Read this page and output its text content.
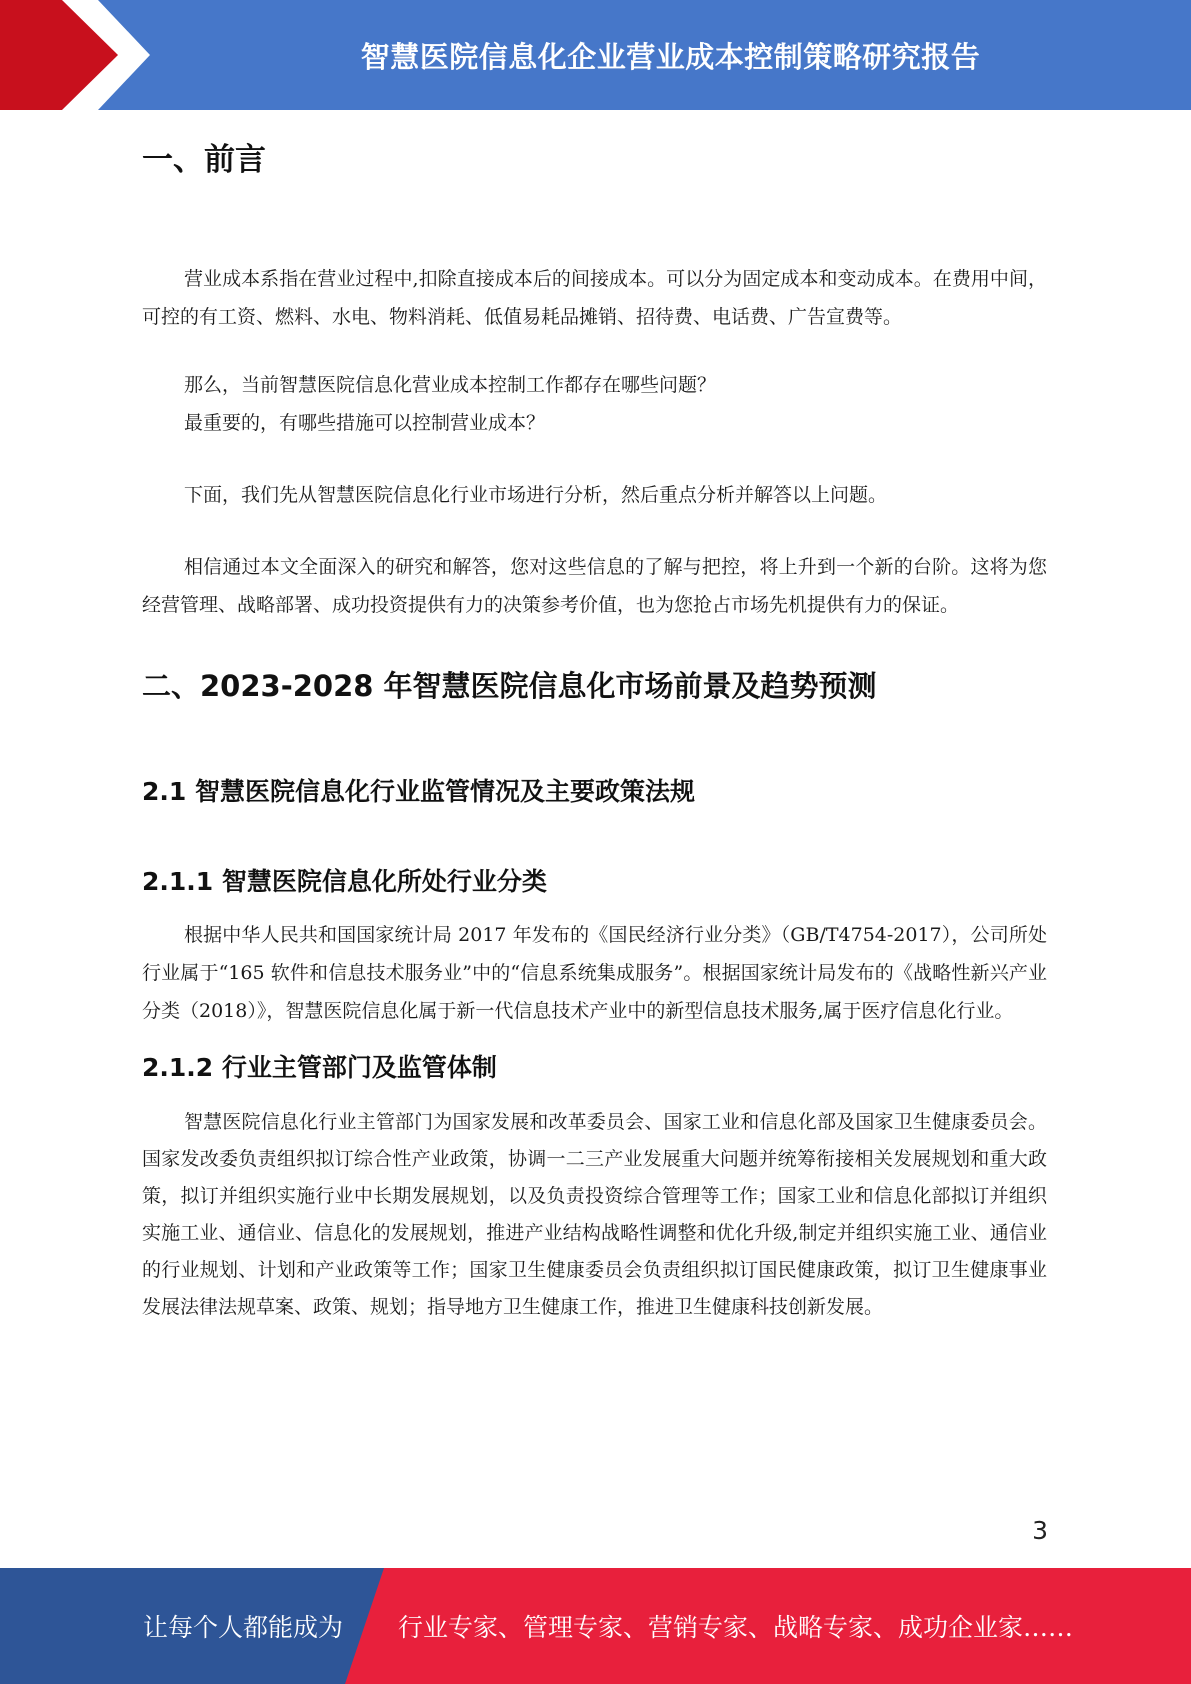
智慧医院信息化企业营业成本控制策略研究报告
一、前言

营业成本系指在营业过程中,扣除直接成本后的间接成本。可以分为固定成本和变动成本。在费用中间，可控的有工资、燃料、水电、物料消耗、低值易耗品摊销、招待费、电话费、广告宣费等。

那么，当前智慧医院信息化营业成本控制工作都存在哪些问题？

最重要的，有哪些措施可以控制营业成本？

下面，我们先从智慧医院信息化行业市场进行分析，然后重点分析并解答以上问题。

相信通过本文全面深入的研究和解答，您对这些信息的了解与把控，将上升到一个新的台阶。这将为您经营管理、战略部署、成功投资提供有力的决策参考价值，也为您抢占市场先机提供有力的保证。

二、2023-2028 年智慧医院信息化市场前景及趋势预测
2.1 智慧医院信息化行业监管情况及主要政策法规
2.1.1 智慧医院信息化所处行业分类

根据中华人民共和国国家统计局 2017 年发布的《国民经济行业分类》（GB/T4754-2017），公司所处行业属于“165 软件和信息技术服务业”中的“信息系统集成服务”。根据国家统计局发布的《战略性新兴产业分类（2018）》，智慧医院信息化属于新一代信息技术产业中的新型信息技术服务,属于医疗信息化行业。

2.1.2 行业主管部门及监管体制

智慧医院信息化行业主管部门为国家发展和改革委员会、国家工业和信息化部及国家卫生健康委员会。国家发改委负责组织拟订综合性产业政策，协调一二三产业发展重大问题并统筹衔接相关发展规划和重大政策，拟订并组织实施行业中长期发展规划，以及负责投资综合管理等工作；国家工业和信息化部拟订并组织实施工业、通信业、信息化的发展规划，推进产业结构战略性调整和优化升级,制定并组织实施工业、通信业的行业规划、计划和产业政策等工作；国家卫生健康委员会负责组织拟订国民健康政策，拟订卫生健康事业发展法律法规草案、政策、规划；指导地方卫生健康工作，推进卫生健康科技创新发展。

3
让每个人都能成为 行业专家、管理专家、营销专家、战略专家、成功企业家……
